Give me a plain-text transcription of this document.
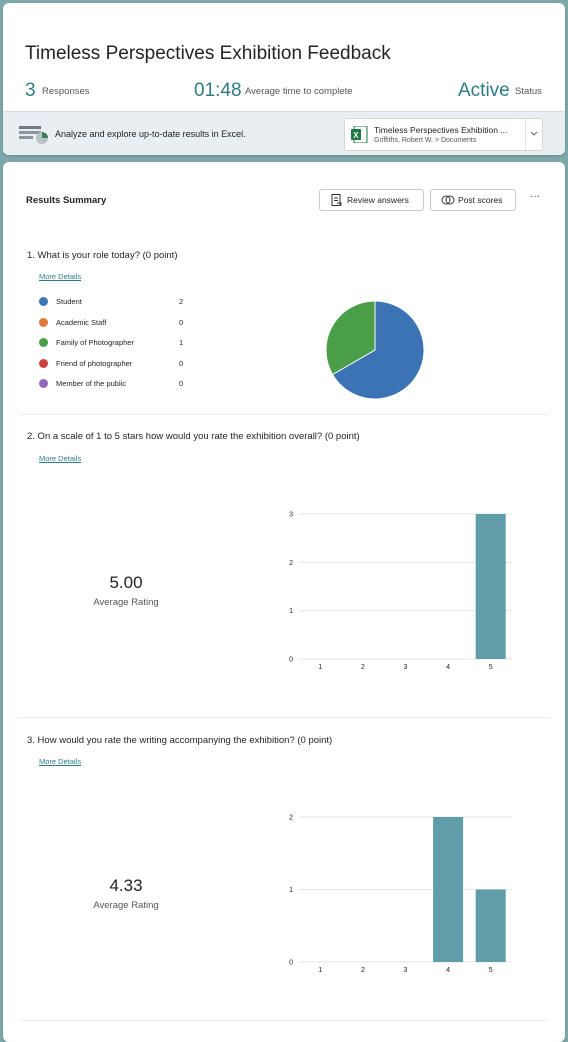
Timeless Perspectives Exhibition Feedback
3 Responses	01:48 Average time to complete	Active Status
Analyze and explore up-to-date results in Excel.	X
Timeless Perspectives Exhibition ...
Griffiths, Robert W. > Documents
Results Summary	Review answers	Post scores	···
1. What is your role today? (0 point)
More Details
Student	2
Academic Staff	0
Family of Photographer	1
Friend of photographer	0
Member of the public	0
2. On a scale of 1 to 5 stars how would you rate the exhibition overall? (0 point)
More Details
5.00
Average Rating
0
1
2
3
1	2	3	4	5
3. How would you rate the writing accompanying the exhibition? (0 point)
More Details
4.33
Average Rating
0
1
2
1	2	3	4	5
